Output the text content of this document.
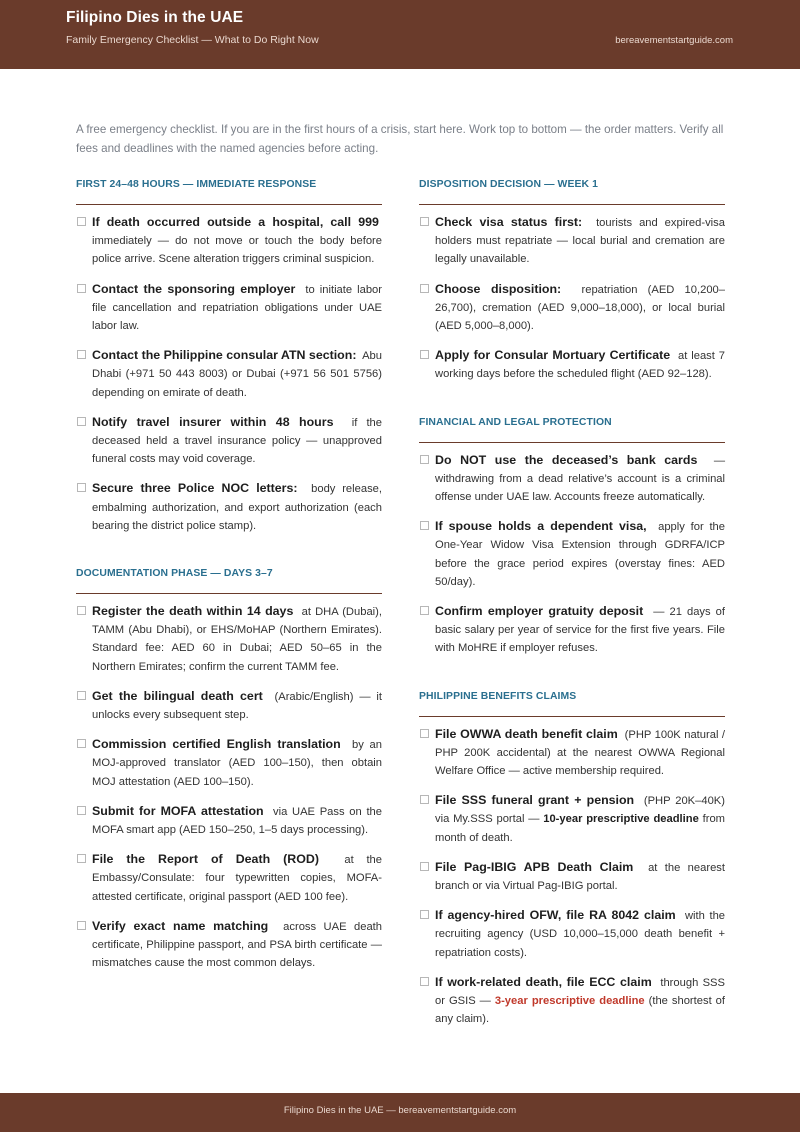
Filipino Dies in the UAE
Family Emergency Checklist — What to Do Right Now	bereavementstartguide.com
A free emergency checklist. If you are in the first hours of a crisis, start here. Work top to bottom — the order matters. Verify all fees and deadlines with the named agencies before acting.
FIRST 24–48 HOURS — IMMEDIATE RESPONSE
If death occurred outside a hospital, call 999  immediately — do not move or touch the body before police arrive. Scene alteration triggers criminal suspicion.
Contact the sponsoring employer to initiate labor file cancellation and repatriation obligations under UAE labor law.
Contact the Philippine consular ATN section: Abu Dhabi (+971 50 443 8003) or Dubai (+971 56 501 5756) depending on emirate of death.
Notify travel insurer within 48 hours if the deceased held a travel insurance policy — unapproved funeral costs may void coverage.
Secure three Police NOC letters: body release, embalming authorization, and export authorization (each bearing the district police stamp).
DOCUMENTATION PHASE — DAYS 3–7
Register the death within 14 days at DHA (Dubai), TAMM (Abu Dhabi), or EHS/MoHAP (Northern Emirates). Standard fee: AED 60 in Dubai; AED 50–65 in the Northern Emirates; confirm the current TAMM fee.
Get the bilingual death cert (Arabic/English) — it unlocks every subsequent step.
Commission certified English translation by an MOJ-approved translator (AED 100–150), then obtain MOJ attestation (AED 100–150).
Submit for MOFA attestation via UAE Pass on the MOFA smart app (AED 150–250, 1–5 days processing).
File the Report of Death (ROD) at the Embassy/Consulate: four typewritten copies, MOFA-attested certificate, original passport (AED 100 fee).
Verify exact name matching across UAE death certificate, Philippine passport, and PSA birth certificate — mismatches cause the most common delays.
DISPOSITION DECISION — WEEK 1
Check visa status first: tourists and expired-visa holders must repatriate — local burial and cremation are legally unavailable.
Choose disposition: repatriation (AED 10,200–26,700), cremation (AED 9,000–18,000), or local burial (AED 5,000–8,000).
Apply for Consular Mortuary Certificate at least 7 working days before the scheduled flight (AED 92–128).
FINANCIAL AND LEGAL PROTECTION
Do NOT use the deceased’s bank cards — withdrawing from a dead relative’s account is a criminal offense under UAE law. Accounts freeze automatically.
If spouse holds a dependent visa, apply for the One-Year Widow Visa Extension through GDRFA/ICP before the grace period expires (overstay fines: AED 50/day).
Confirm employer gratuity deposit — 21 days of basic salary per year of service for the first five years. File with MoHRE if employer refuses.
PHILIPPINE BENEFITS CLAIMS
File OWWA death benefit claim (PHP 100K natural / PHP 200K accidental) at the nearest OWWA Regional Welfare Office — active membership required.
File SSS funeral grant + pension (PHP 20K–40K) via My.SSS portal — 10-year prescriptive deadline from month of death.
File Pag-IBIG APB Death Claim at the nearest branch or via Virtual Pag-IBIG portal.
If agency-hired OFW, file RA 8042 claim with the recruiting agency (USD 10,000–15,000 death benefit + repatriation costs).
If work-related death, file ECC claim through SSS or GSIS — 3-year prescriptive deadline (the shortest of any claim).
Filipino Dies in the UAE — bereavementstartguide.com
